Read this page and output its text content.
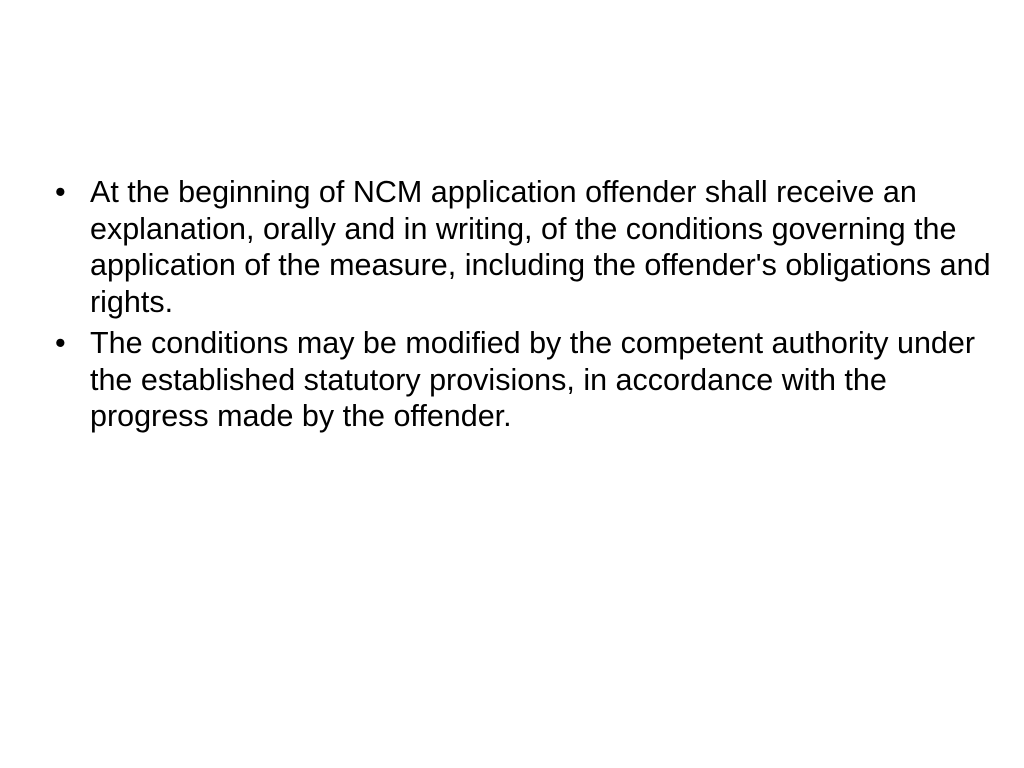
• At the beginning of NCM application offender shall receive an explanation, orally and in writing, of the conditions governing the application of the measure, including the offender's obligations and rights.
• The conditions may be modified by the competent authority under the established statutory provisions, in accordance with the progress made by the offender.
